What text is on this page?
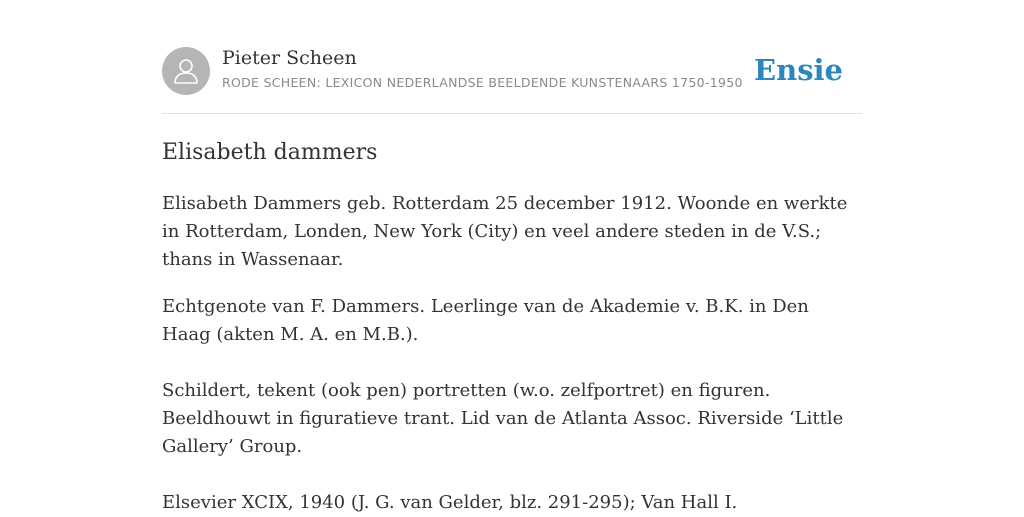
Pieter Scheen
RODE SCHEEN: LEXICON NEDERLANDSE BEELDENDE KUNSTENAARS 1750-1950 Ensie
Elisabeth dammers

Elisabeth Dammers geb. Rotterdam 25 december 1912. Woonde en werkte in Rotterdam, Londen, New York (City) en veel andere steden in de V.S.; thans in Wassenaar.

Echtgenote van F. Dammers. Leerlinge van de Akademie v. B.K. in Den Haag (akten M. A. en M.B.).

Schildert, tekent (ook pen) portretten (w.o. zelfportret) en figuren. Beeldhouwt in figuratieve trant. Lid van de Atlanta Assoc. Riverside ‘Little Gallery’ Group.

Elsevier XCIX, 1940 (J. G. van Gelder, blz. 291-295); Van Hall I.
